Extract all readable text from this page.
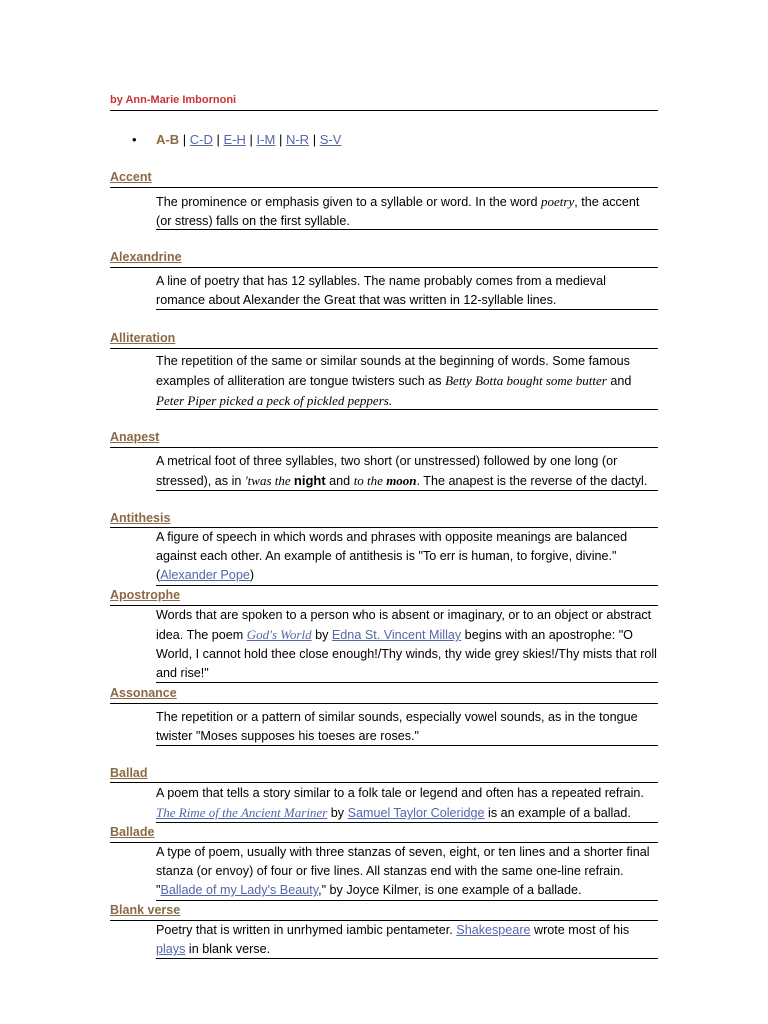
by Ann-Marie Imbornoni
• A-B | C-D | E-H | I-M | N-R | S-V
Accent
The prominence or emphasis given to a syllable or word. In the word poetry, the accent (or stress) falls on the first syllable.
Alexandrine
A line of poetry that has 12 syllables. The name probably comes from a medieval romance about Alexander the Great that was written in 12-syllable lines.
Alliteration
The repetition of the same or similar sounds at the beginning of words. Some famous examples of alliteration are tongue twisters such as Betty Botta bought some butter and Peter Piper picked a peck of pickled peppers.
Anapest
A metrical foot of three syllables, two short (or unstressed) followed by one long (or stressed), as in 'twas the night and to the moon. The anapest is the reverse of the dactyl.
Antithesis
A figure of speech in which words and phrases with opposite meanings are balanced against each other. An example of antithesis is "To err is human, to forgive, divine." (Alexander Pope)
Apostrophe
Words that are spoken to a person who is absent or imaginary, or to an object or abstract idea. The poem God's World by Edna St. Vincent Millay begins with an apostrophe: "O World, I cannot hold thee close enough!/Thy winds, thy wide grey skies!/Thy mists that roll and rise!"
Assonance
The repetition or a pattern of similar sounds, especially vowel sounds, as in the tongue twister "Moses supposes his toeses are roses."
Ballad
A poem that tells a story similar to a folk tale or legend and often has a repeated refrain. The Rime of the Ancient Mariner by Samuel Taylor Coleridge is an example of a ballad.
Ballade
A type of poem, usually with three stanzas of seven, eight, or ten lines and a shorter final stanza (or envoy) of four or five lines. All stanzas end with the same one-line refrain. "Ballade of my Lady's Beauty," by Joyce Kilmer, is one example of a ballade.
Blank verse
Poetry that is written in unrhymed iambic pentameter. Shakespeare wrote most of his plays in blank verse.
